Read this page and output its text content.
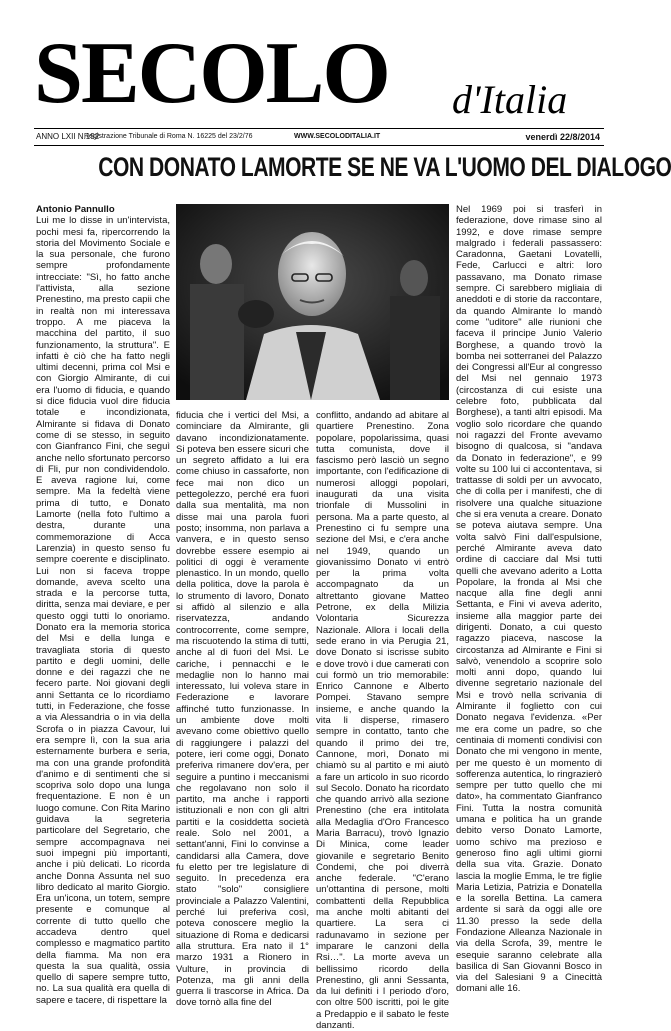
SECOLO d'Italia
ANNO LXII N.192
Registrazione Tribunale di Roma N. 16225 del 23/2/76	WWW.SECOLODITALIA.IT	venerdì 22/8/2014
CON DONATO LAMORTE SE NE VA L'UOMO DEL DIALOGO

Antonio Pannullo

Lui me lo disse in un'intervista, pochi mesi fa, ripercorrendo la storia del Movimento Sociale e la sua personale, che furono sempre profondamente intrecciate: "Sì, ho fatto anche l'attivista, alla sezione Prenestino, ma presto capii che in realtà non mi interessava troppo. A me piaceva la macchina del partito, il suo funzionamento, la struttura". E infatti è ciò che ha fatto negli ultimi decenni, prima col Msi e con Giorgio Almirante, di cui era l'uomo di fiducia, e quando si dice fiducia vuol dire fiducia totale e incondizionata, Almirante si fidava di Donato come di se stesso, in seguito con Gianfranco Fini, che seguì anche nello sfortunato percorso di Fli, pur non condividendolo. E aveva ragione lui, come sempre. Ma la fedeltà viene prima di tutto, e Donato Lamorte (nella foto l'ultimo a destra, durante una commemorazione di Acca Larenzia) in questo senso fu sempre coerente e disciplinato. Lui non si faceva troppe domande, aveva scelto una strada e la percorse tutta, diritta, senza mai deviare, e per questo oggi tutti lo onoriamo. Donato era la memoria storica del Msi e della lunga e travagliata storia di questo partito e degli uomini, delle donne e dei ragazzi che ne fecero parte. Noi giovani degli anni Settanta ce lo ricordiamo tutti, in Federazione, che fosse a via Alessandria o in via della Scrofa o in piazza Cavour, lui era sempre lì, con la sua aria esternamente burbera e seria, ma con una grande profondità d'animo e di sentimenti che si scopriva solo dopo una lunga frequentazione. E non è un luogo comune. Con Rita Marino guidava la segreteria particolare del Segretario, che sempre accompagnava nei suoi impegni più importanti, anche i più delicati. Lo ricorda anche Donna Assunta nel suo libro dedicato al marito Giorgio. Era un'icona, un totem, sempre presente e comunque al corrente di tutto quello che accadeva dentro quel complesso e magmatico partito della fiamma. Ma non era questa la sua qualità, ossia quello di sapere sempre tutto, no. La sua qualità era quella di sapere e tacere, di rispettare la

fiducia che i vertici del Msi, a cominciare da Almirante, gli davano incondizionatamente. Si poteva ben essere sicuri che un segreto affidato a lui era come chiuso in cassaforte, non fece mai non dico un pettegolezzo, perché era fuori dalla sua mentalità, ma non disse mai una parola fuori posto; insomma, non parlava a vanvera, e in questo senso dovrebbe essere esempio ai politici di oggi è veramente plenastico. In un mondo, quello della politica, dove la parola è lo strumento di lavoro, Donato si affidò al silenzio e alla riservatezza, andando controcorrente, come sempre, ma riscuotendo la stima di tutti, anche al di fuori del Msi. Le cariche, i pennacchi e le medaglie non lo hanno mai interessato, lui voleva stare in Federazione e lavorare affinché tutto funzionasse. In un ambiente dove molti avevano come obiettivo quello di raggiungere i palazzi del potere, ieri come oggi, Donato preferiva rimanere dov'era, per seguire a puntino i meccanismi che regolavano non solo il partito, ma anche i rapporti istituzionali e non con gli altri partiti e la cosiddetta società reale. Solo nel 2001, a settant'anni, Fini lo convinse a candidarsi alla Camera, dove fu eletto per tre legislature di seguito. In precedenza era stato "solo" consigliere provinciale a Palazzo Valentini, perché lui preferiva così, poteva conoscere meglio la situazione di Roma e dedicarsi alla struttura. Era nato il 1° marzo 1931 a Rionero in Vulture, in provincia di Potenza, ma gli anni della guerra li trascorse in Africa. Da dove tornò alla fine del

conflitto, andando ad abitare al quartiere Prenestino. Zona popolare, popolarissima, quasi tutta comunista, dove il fascismo però lasciò un segno importante, con l'edificazione di numerosi alloggi popolari, inaugurati da una visita trionfale di Mussolini in persona. Ma a parte questo, al Prenestino ci fu sempre una sezione del Msi, e c'era anche nel 1949, quando un giovanissimo Donato vi entrò per la prima volta accompagnato da un altrettanto giovane Matteo Petrone, ex della Milizia Volontaria Sicurezza Nazionale. Allora i locali della sede erano in via Perugia 21, dove Donato si iscrisse subito e dove trovò i due camerati con cui formò un trio memorabile: Enrico Cannone e Alberto Pompei. Stavano sempre insieme, e anche quando la vita li disperse, rimasero sempre in contatto, tanto che quando il primo dei tre, Cannone, morì, Donato mi chiamò su al partito e mi aiutò a fare un articolo in suo ricordo sul Secolo. Donato ha ricordato che quando arrivò alla sezione Prenestino (che era intitolata alla Medaglia d'Oro Francesco Maria Barracu), trovò Ignazio Di Minica, come leader giovanile e segretario Benito Condemi, che poi diverrà anche federale. "C'erano un'ottantina di persone, molti combattenti della Repubblica ma anche molti abitanti del quartiere. La sera ci radunavamo in sezione per imparare le canzoni della Rsi…". La morte aveva un bellissimo ricordo della Prenestino, gli anni Sessanta, da lui definiti i l periodo d'oro, con oltre 500 iscritti, poi le gite a Predappio e il sabato le feste danzanti.

Nel 1969 poi si trasferì in federazione, dove rimase sino al 1992, e dove rimase sempre malgrado i federali passassero: Caradonna, Gaetani Lovatelli, Fede, Carlucci e altri: loro passavano, ma Donato rimase sempre. Ci sarebbero migliaia di aneddoti e di storie da raccontare, da quando Almirante lo mandò come "uditore" alle riunioni che faceva il principe Junio Valerio Borghese, a quando trovò la bomba nei sotterranei del Palazzo dei Congressi all'Eur al congresso del Msi nel gennaio 1973 (circostanza di cui esiste una celebre foto, pubblicata dal Borghese), a tanti altri episodi. Ma voglio solo ricordare che quando noi ragazzi del Fronte avevamo bisogno di qualcosa, si "andava da Donato in federazione", e 99 volte su 100 lui ci accontentava, si trattasse di soldi per un avvocato, che di colla per i manifesti, che di risolvere una qualche situazione che si era venuta a creare. Donato se poteva aiutava sempre. Una volta salvò Fini dall'espulsione, perché Almirante aveva dato ordine di cacciare dal Msi tutti quelli che avevano aderito a Lotta Popolare, la fronda al Msi che nacque alla fine degli anni Settanta, e Fini vi aveva aderito, insieme alla maggior parte dei dirigenti. Donato, a cui questo ragazzo piaceva, nascose la circostanza ad Almirante e Fini si salvò, venendolo a scoprire solo molti anni dopo, quando lui divenne segretario nazionale del Msi e trovò nella scrivania di Almirante il foglietto con cui Donato negava l'evidenza. «Per me era come un padre, so che centinaia di momenti condivisi con Donato che mi vengono in mente, per me questo è un momento di sofferenza autentica, lo ringrazierò sempre per tutto quello che mi dato», ha commentato Gianfranco Fini. Tutta la nostra comunità umana e politica ha un grande debito verso Donato Lamorte, uomo schivo ma prezioso e generoso fino agli ultimi giorni della sua vita. Grazie. Donato lascia la moglie Emma, le tre figlie Maria Letizia, Patrizia e Donatella e la sorella Bettina. La camera ardente si sarà da oggi alle ore 11.30 presso la sede della Fondazione Alleanza Nazionale in via della Scrofa, 39, mentre le esequie saranno celebrate alla basilica di San Giovanni Bosco in via del Salesiani 9 a Cinecittà domani alle 16.
